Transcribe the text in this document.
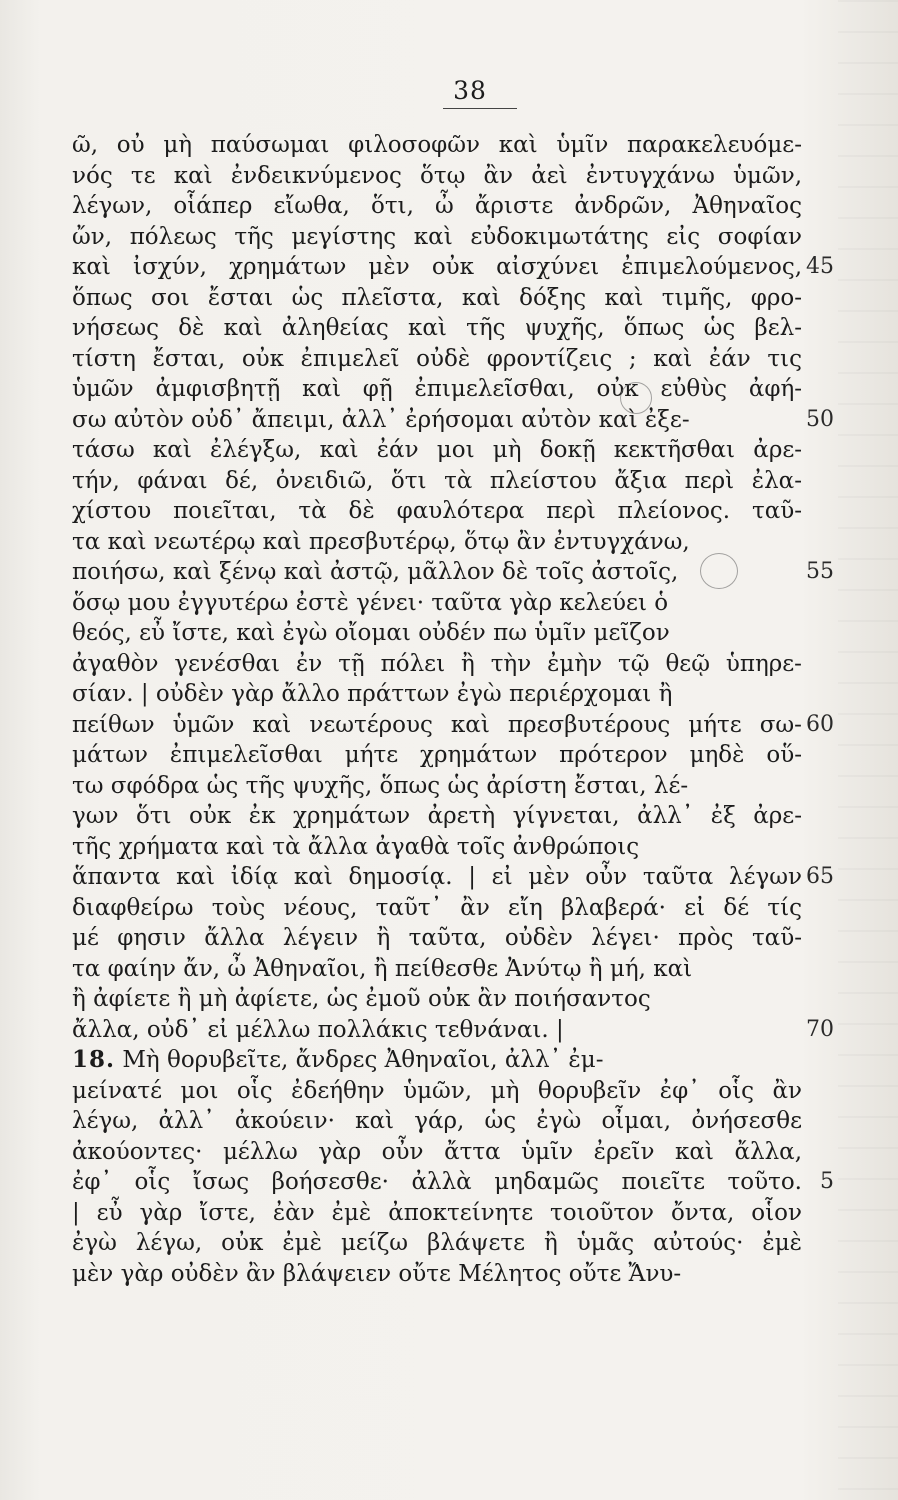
38
ῶ, οὐ μὴ παύσωμαι φιλοσοφῶν καὶ ὑμῖν παρακελευόμε-
νός τε καὶ ἐνδεικνύμενος ὅτῳ ἂν ἀεὶ ἐντυγχάνω ὑμῶν,
λέγων, οἷάπερ εἴωθα, ὅτι, ὦ ἄριστε ἀνδρῶν, Ἀθηναῖος
ὤν, πόλεως τῆς μεγίστης καὶ εὐδοκιμωτάτης εἰς σοφίαν
καὶ ἰσχύν, χρημάτων μὲν οὐκ αἰσχύνει ἐπιμελούμενος, 45
ὅπως σοι ἔσται ὡς πλεῖστα, καὶ δόξης καὶ τιμῆς, φρο-
νήσεως δὲ καὶ ἀληθείας καὶ τῆς ψυχῆς, ὅπως ὡς βελ-
τίστη ἔσται, οὐκ ἐπιμελεῖ οὐδὲ φροντίζεις ; καὶ ἐάν τις
ὑμῶν ἀμφισβητῇ καὶ φῇ ἐπιμελεῖσθαι, οὐκ εὐθὺς ἀφή-
σω αὐτὸν οὐδ᾽ ἄπειμι, ἀλλ᾽ ἐρήσομαι αὐτὸν καὶ ἐξε-	50
τάσω καὶ ἐλέγξω, καὶ ἐάν μοι μὴ δοκῇ κεκτῆσθαι ἀρε-
τήν, φάναι δέ, ὀνειδιῶ, ὅτι τὰ πλείστου ἄξια περὶ ἐλα-
χίστου ποιεῖται, τὰ δὲ φαυλότερα περὶ πλείονος. ταῦ-
τα καὶ νεωτέρῳ καὶ πρεσβυτέρῳ, ὅτῳ ἂν ἐντυγχάνω,
ποιήσω, καὶ ξένῳ καὶ ἀστῷ, μᾶλλον δὲ τοῖς ἀστοῖς,	55
ὅσῳ μου ἐγγυτέρω ἐστὲ γένει· ταῦτα γὰρ κελεύει ὁ
θεός, εὖ ἴστε, καὶ ἐγὼ οἴομαι οὐδέν πω ὑμῖν μεῖζον
ἀγαθὸν γενέσθαι ἐν τῇ πόλει ἢ τὴν ἐμὴν τῷ θεῷ ὑπηρε-
σίαν. | οὐδὲν γὰρ ἄλλο πράττων ἐγὼ περιέρχομαι ἢ
πείθων ὑμῶν καὶ νεωτέρους καὶ πρεσβυτέρους μήτε σω- 60
μάτων ἐπιμελεῖσθαι μήτε χρημάτων πρότερον μηδὲ οὕ-
τω σφόδρα ὡς τῆς ψυχῆς, ὅπως ὡς ἀρίστη ἔσται, λέ-
γων ὅτι οὐκ ἐκ χρημάτων ἀρετὴ γίγνεται, ἀλλ᾽ ἐξ ἀρε-
τῆς χρήματα καὶ τὰ ἄλλα ἀγαθὰ τοῖς ἀνθρώποις
ἅπαντα καὶ ἰδίᾳ καὶ δημοσίᾳ. | εἰ μὲν οὖν ταῦτα λέγων 65
διαφθείρω τοὺς νέους, ταῦτ᾽ ἂν εἴη βλαβερά· εἰ δέ τίς
μέ φησιν ἄλλα λέγειν ἢ ταῦτα, οὐδὲν λέγει· πρὸς ταῦ-
τα φαίην ἄν, ὦ Ἀθηναῖοι, ἢ πείθεσθε Ἀνύτῳ ἢ μή, καὶ
ἢ ἀφίετε ἢ μὴ ἀφίετε, ὡς ἐμοῦ οὐκ ἂν ποιήσαντος
ἄλλα, οὐδ᾽ εἰ μέλλω πολλάκις τεθνάναι. |	70
18. Μὴ θορυβεῖτε, ἄνδρες Ἀθηναῖοι, ἀλλ᾽ ἐμ-
μείνατέ μοι οἷς ἐδεήθην ὑμῶν, μὴ θορυβεῖν ἐφ᾽ οἷς ἂν
λέγω, ἀλλ᾽ ἀκούειν· καὶ γάρ, ὡς ἐγὼ οἶμαι, ὀνήσεσθε
ἀκούοντες· μέλλω γὰρ οὖν ἄττα ὑμῖν ἐρεῖν καὶ ἄλλα,
ἐφ᾽ οἷς ἴσως βοήσεσθε· ἀλλὰ μηδαμῶς ποιεῖτε τοῦτο. 5
| εὖ γὰρ ἴστε, ἐὰν ἐμὲ ἀποκτείνητε τοιοῦτον ὄντα, οἷον
ἐγὼ λέγω, οὐκ ἐμὲ μείζω βλάψετε ἢ ὑμᾶς αὐτούς· ἐμὲ
μὲν γὰρ οὐδὲν ἂν βλάψειεν οὔτε Μέλητος οὔτε Ἄνυ-
